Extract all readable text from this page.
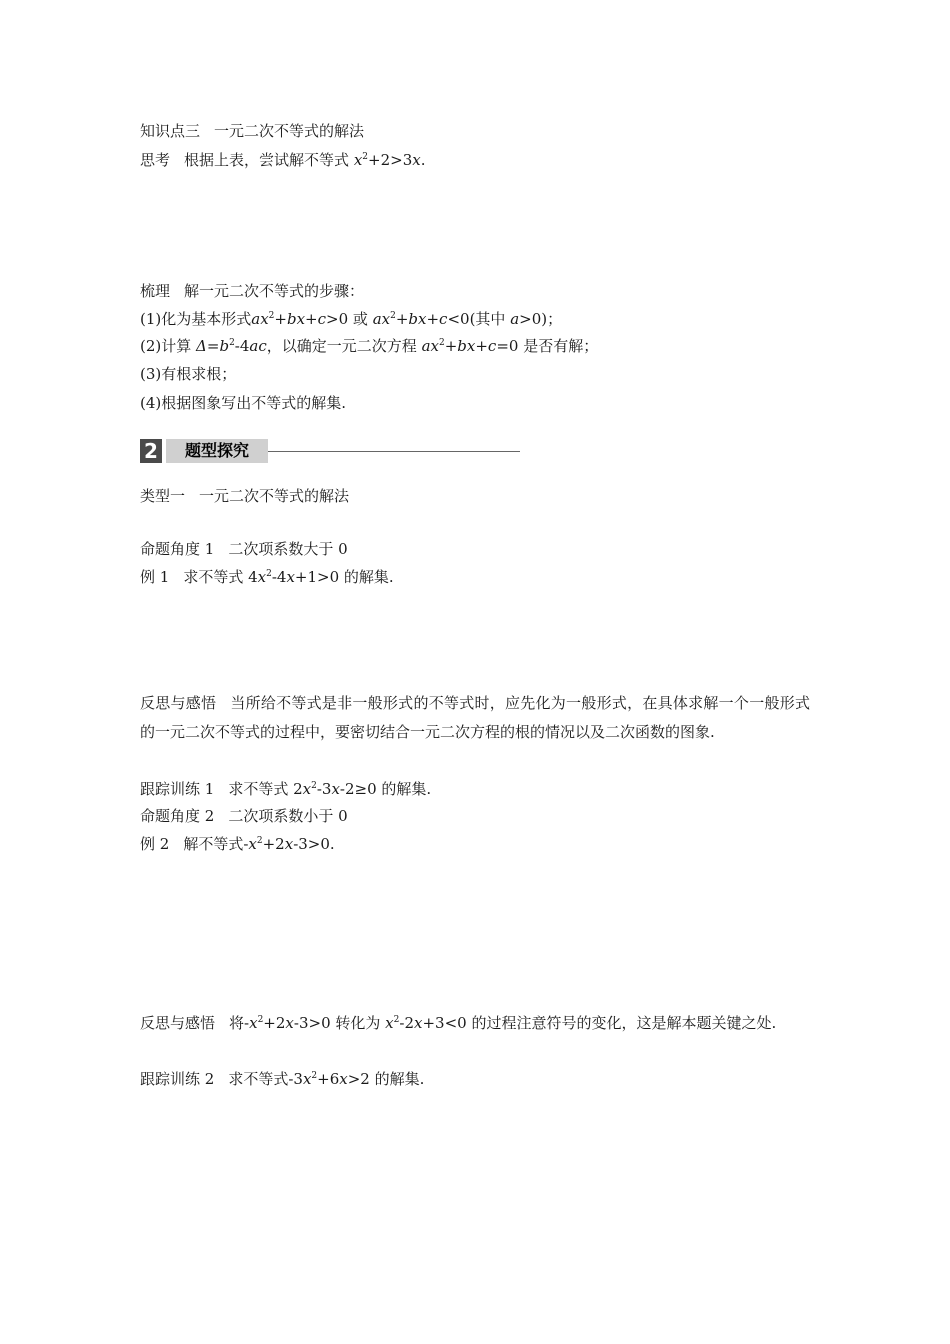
知识点三 一元二次不等式的解法
思考 根据上表，尝试解不等式 $x^2+2>3x$.
梳理 解一元二次不等式的步骤：
(1)化为基本形式$ax^2+bx+c>0$ 或 $ax^2+bx+c<0$(其中 a>0)；
(2)计算 $\Delta=b^2-4ac$，以确定一元二次方程 $ax^2+bx+c=0$ 是否有解；
(3)有根求根；
(4)根据图象写出不等式的解集.
2	题型探究
类型一 一元二次不等式的解法
命题角度 1 二次项系数大于 0
例 1 求不等式 $4x^2-4x+1>0$ 的解集.
反思与感悟 当所给不等式是非一般形式的不等式时，应先化为一般形式，在具体求解一个一般形式的一元二次不等式的过程中，要密切结合一元二次方程的根的情况以及二次函数的图象.
跟踪训练 1 求不等式 $2x^2-3x-2\ge 0$ 的解集.
命题角度 2 二次项系数小于 0
例 2 解不等式$-x^2+2x-3>0$.
反思与感悟 将$-x^2+2x-3>0$ 转化为 $x^2-2x+3<0$ 的过程注意符号的变化，这是解本题关键之处.
跟踪训练 2 求不等式$-3x^2+6x>2$ 的解集.
